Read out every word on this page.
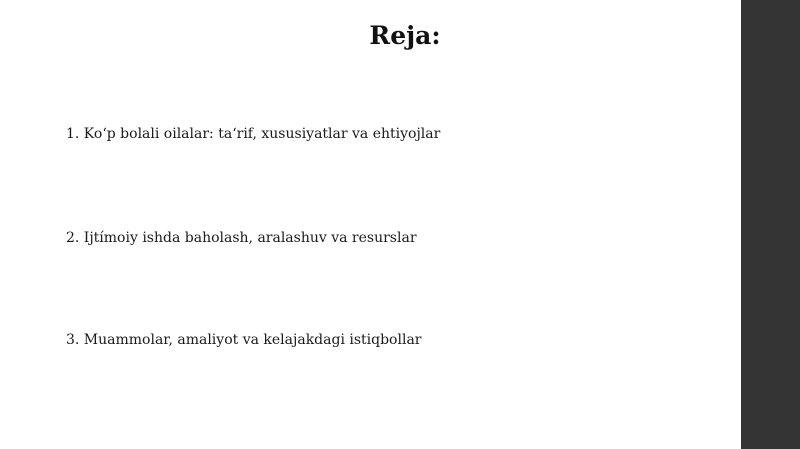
Reja:
1. Ko‘p bolali oilalar: ta‘rif, xususiyatlar va ehtiyojlar
2. Ijtímoiy ishda baholash, aralashuv va resurslar
3. Muammolar, amaliyot va kelajakdagi istiqbollar
